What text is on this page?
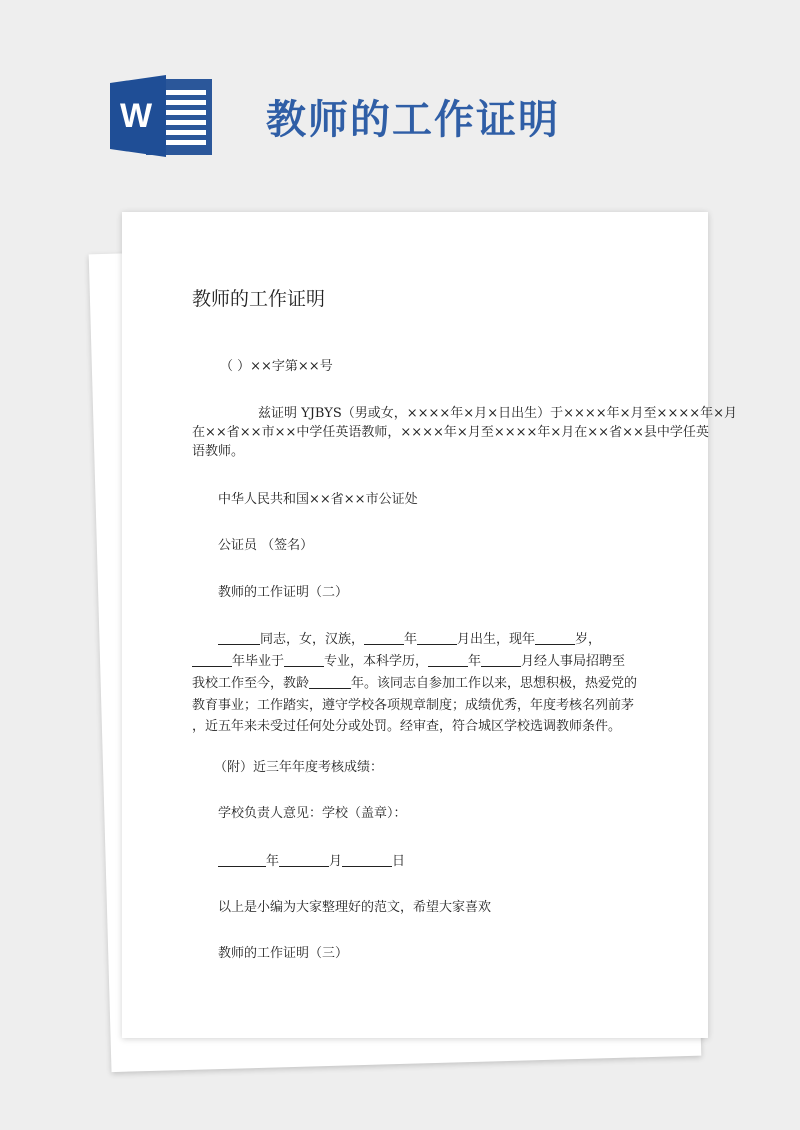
W	教师的工作证明
教师的工作证明
（ ）××字第××号
兹证明 YJBYS（男或女，××××年×月×日出生）于××××年×月至××××年×月
在××省××市××中学任英语教师，××××年×月至××××年×月在××省××县中学任英
语教师。
中华人民共和国××省××市公证处
公证员 （签名）
教师的工作证明（二）
同志，女，汉族，	年	月出生，现年	岁，
年毕业于	专业，本科学历，	年	月经人事局招聘至
我校工作至今，教龄	年。该同志自参加工作以来，思想积极，热爱党的
教育事业；工作踏实，遵守学校各项规章制度；成绩优秀，年度考核名列前茅
，近五年来未受过任何处分或处罚。经审查，符合城区学校选调教师条件。
（附）近三年年度考核成绩：
学校负责人意见：学校（盖章）：
年	月	日
以上是小编为大家整理好的范文，希望大家喜欢
教师的工作证明（三）
